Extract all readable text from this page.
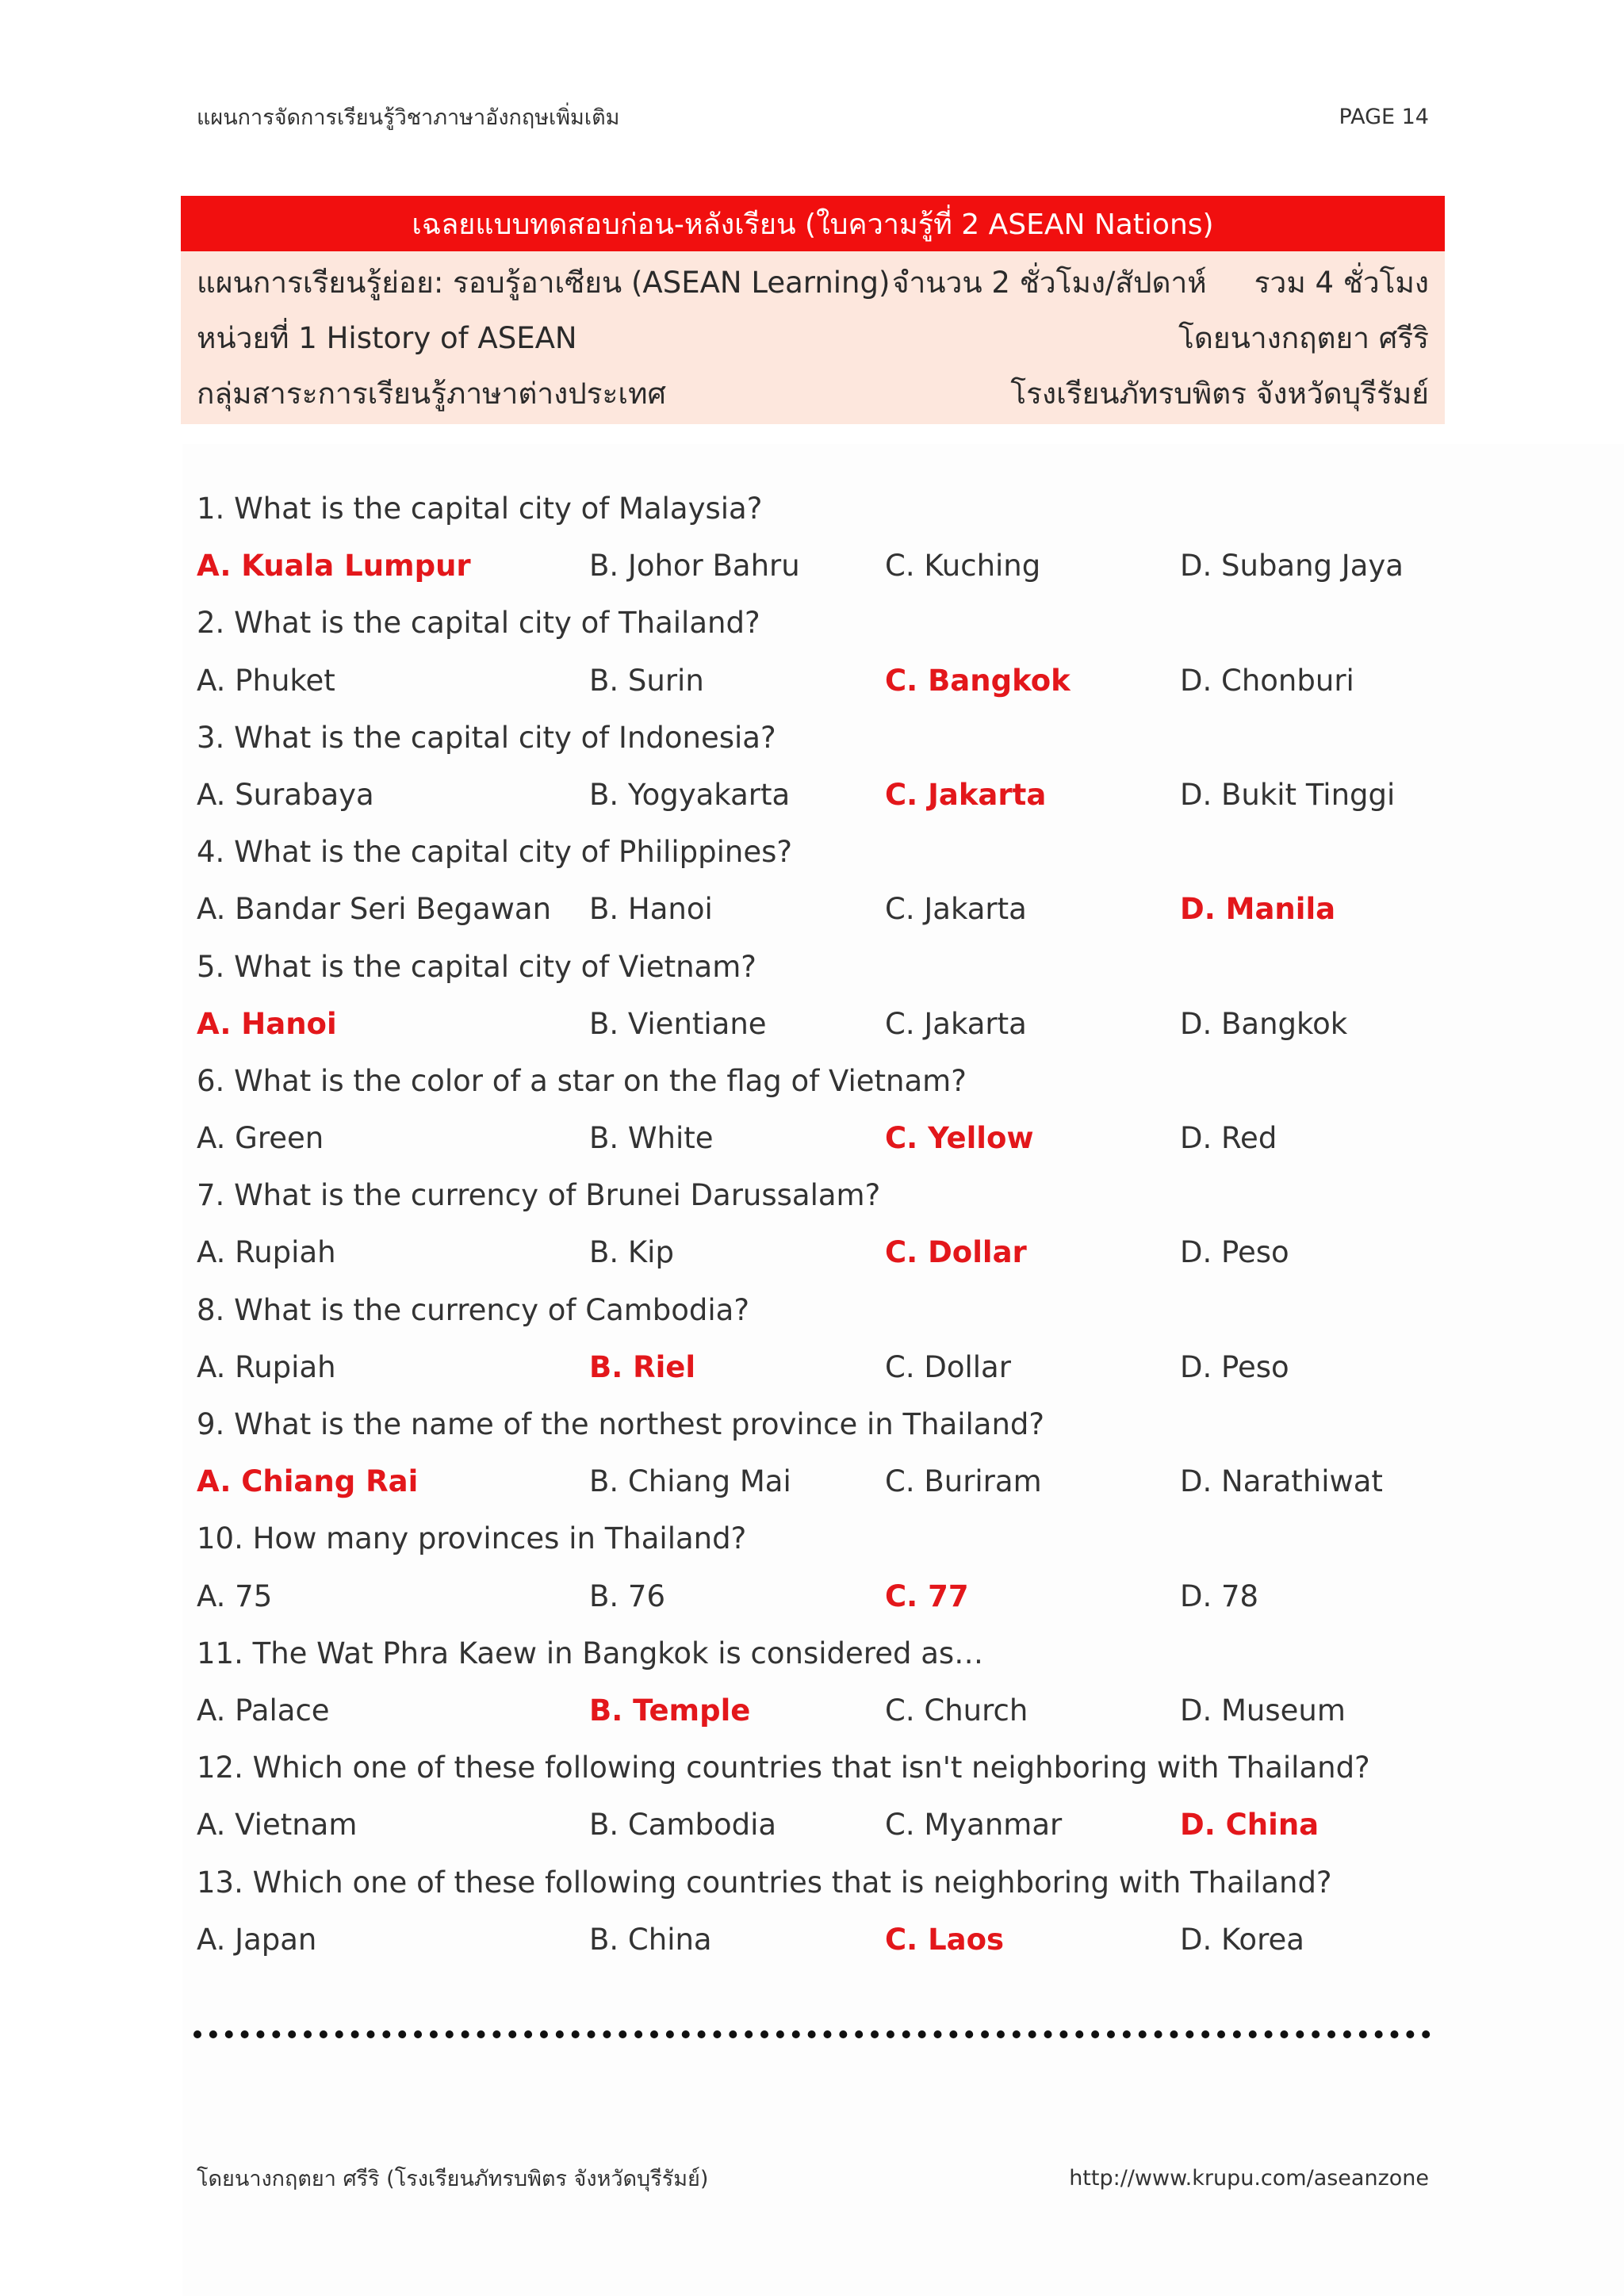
แผนการจัดการเรียนรู้วิชาภาษาอังกฤษเพิ่มเติม	PAGE 14
เฉลยแบบทดสอบก่อน-หลังเรียน (ใบความรู้ที่ 2 ASEAN Nations)
แผนการเรียนรู้ย่อย: รอบรู้อาเซียน (ASEAN Learning) จำนวน 2 ชั่วโมง/สัปดาห์ รวม 4 ชั่วโมง
หน่วยที่ 1 History of ASEAN	โดยนางกฤตยา ศรีริ
กลุ่มสาระการเรียนรู้ภาษาต่างประเทศ	โรงเรียนภัทรบพิตร จังหวัดบุรีรัมย์
1. What is the capital city of Malaysia?
A. Kuala Lumpur	B. Johor Bahru	C. Kuching	D. Subang Jaya
2. What is the capital city of Thailand?
A. Phuket	B. Surin	C. Bangkok	D. Chonburi
3. What is the capital city of Indonesia?
A. Surabaya	B. Yogyakarta	C. Jakarta	D. Bukit Tinggi
4. What is the capital city of Philippines?
A. Bandar Seri Begawan B. Hanoi	C. Jakarta	D. Manila
5. What is the capital city of Vietnam?
A. Hanoi	B. Vientiane	C. Jakarta	D. Bangkok
6. What is the color of a star on the flag of Vietnam?
A. Green	B. White	C. Yellow	D. Red
7. What is the currency of Brunei Darussalam?
A. Rupiah	B. Kip	C. Dollar	D. Peso
8. What is the currency of Cambodia?
A. Rupiah	B. Riel	C. Dollar	D. Peso
9. What is the name of the northest province in Thailand?
A. Chiang Rai	B. Chiang Mai	C. Buriram	D. Narathiwat
10. How many provinces in Thailand?
A. 75	B. 76	C. 77	D. 78
11. The Wat Phra Kaew in Bangkok is considered as…
A. Palace	B. Temple	C. Church	D. Museum
12. Which one of these following countries that isn't neighboring with Thailand?
A. Vietnam	B. Cambodia	C. Myanmar	D. China
13. Which one of these following countries that is neighboring with Thailand?
A. Japan	B. China	C. Laos	D. Korea
โดยนางกฤตยา ศรีริ (โรงเรียนภัทรบพิตร จังหวัดบุรีรัมย์)	http://www.krupu.com/aseanzone
